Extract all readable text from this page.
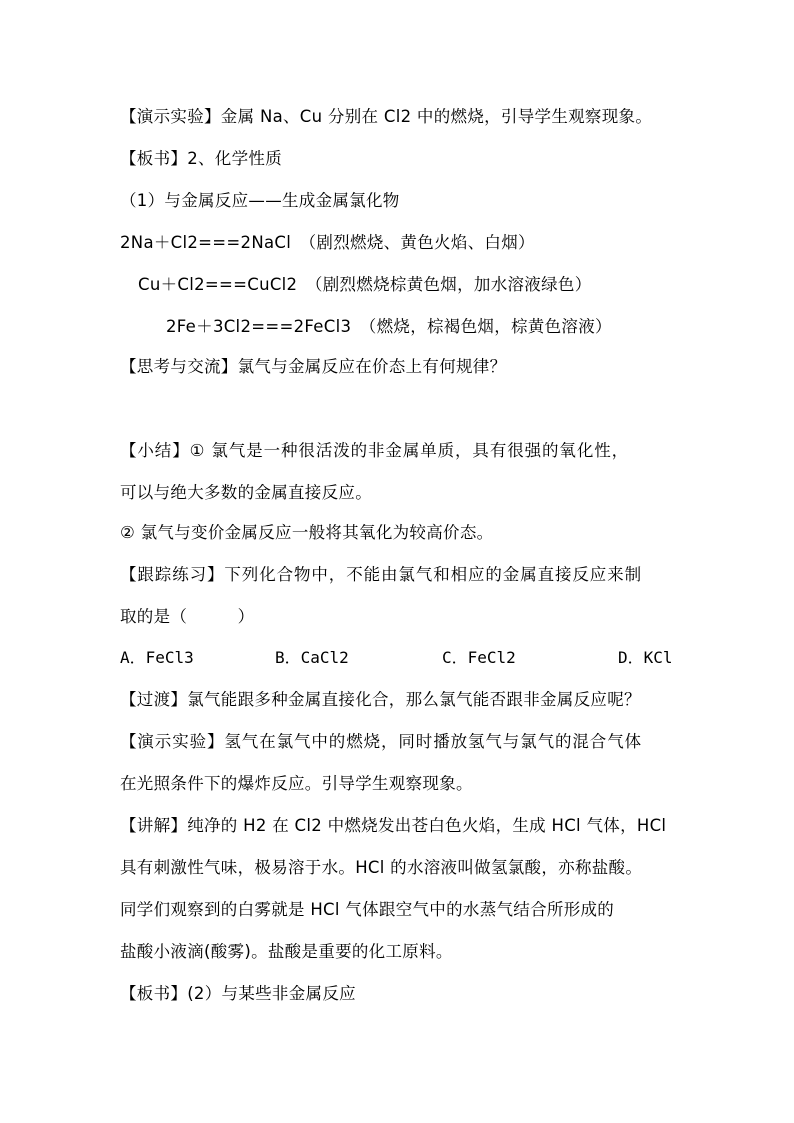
【演示实验】金属 Na、Cu 分别在 Cl2 中的燃烧，引导学生观察现象。
【板书】2、化学性质
（1）与金属反应——生成金属氯化物
2Na＋Cl2===2NaCl　（剧烈燃烧、黄色火焰、白烟）
Cu＋Cl2===CuCl2　（剧烈燃烧棕黄色烟，加水溶液绿色）
2Fe＋3Cl2===2FeCl3　（燃烧，棕褐色烟，棕黄色溶液）
【思考与交流】氯气与金属反应在价态上有何规律？
【小结】① 氯气是一种很活泼的非金属单质，具有很强的氧化性，
可以与绝大多数的金属直接反应。
② 氯气与变价金属反应一般将其氧化为较高价态。
【跟踪练习】下列化合物中，不能由氯气和相应的金属直接反应来制
取的是（　　　）
A．FeCl3	B．CaCl2	C．FeCl2	D．KCl
【过渡】氯气能跟多种金属直接化合，那么氯气能否跟非金属反应呢？
【演示实验】氢气在氯气中的燃烧，同时播放氢气与氯气的混合气体
在光照条件下的爆炸反应。引导学生观察现象。
【讲解】纯净的 H2 在 Cl2 中燃烧发出苍白色火焰，生成 HCl 气体，HCl
具有刺激性气味，极易溶于水。HCl 的水溶液叫做氢氯酸，亦称盐酸。
同学们观察到的白雾就是 HCl 气体跟空气中的水蒸气结合所形成的
盐酸小液滴(酸雾)。盐酸是重要的化工原料。
【板书】(2）与某些非金属反应
